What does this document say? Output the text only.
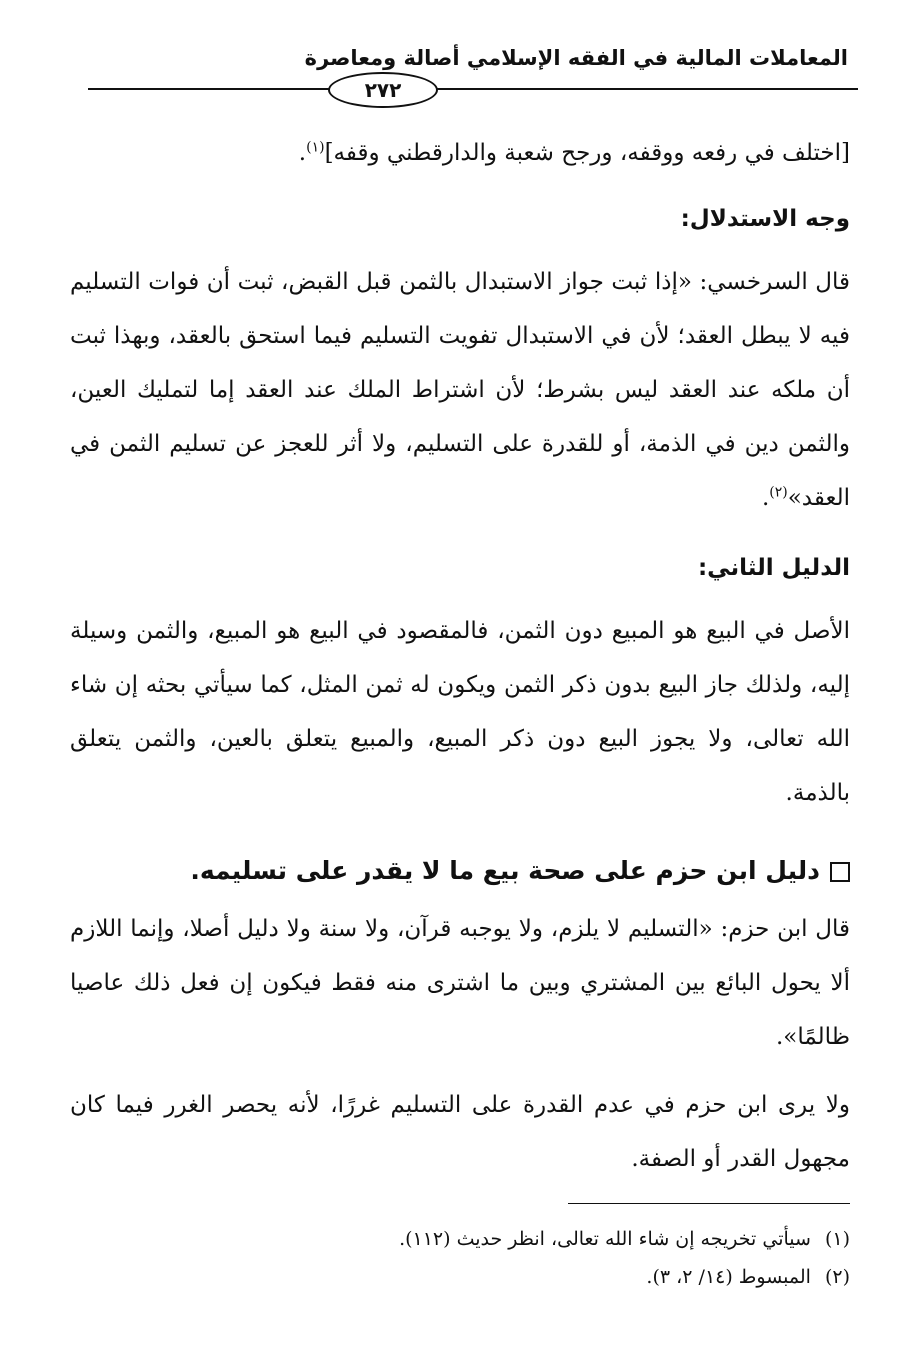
المعاملات المالية في الفقه الإسلامي أصالة ومعاصرة
٢٧٢

[اختلف في رفعه ووقفه، ورجح شعبة والدارقطني وقفه]$^{(١)}$.

وجه الاستدلال:

قال السرخسي: «إذا ثبت جواز الاستبدال بالثمن قبل القبض، ثبت أن فوات التسليم فيه لا يبطل العقد؛ لأن في الاستبدال تفويت التسليم فيما استحق بالعقد، وبهذا ثبت أن ملكه عند العقد ليس بشرط؛ لأن اشتراط الملك عند العقد إما لتمليك العين، والثمن دين في الذمة، أو للقدرة على التسليم، ولا أثر للعجز عن تسليم الثمن في العقد»$^{(٢)}$.

الدليل الثاني:

الأصل في البيع هو المبيع دون الثمن، فالمقصود في البيع هو المبيع، والثمن وسيلة إليه، ولذلك جاز البيع بدون ذكر الثمن ويكون له ثمن المثل، كما سيأتي بحثه إن شاء الله تعالى، ولا يجوز البيع دون ذكر المبيع، والمبيع يتعلق بالعين، والثمن يتعلق بالذمة.

دليل ابن حزم على صحة بيع ما لا يقدر على تسليمه.

قال ابن حزم: «التسليم لا يلزم، ولا يوجبه قرآن، ولا سنة ولا دليل أصلا، وإنما اللازم ألا يحول البائع بين المشتري وبين ما اشترى منه فقط فيكون إن فعل ذلك عاصيا ظالمًا».

ولا يرى ابن حزم في عدم القدرة على التسليم غررًا، لأنه يحصر الغرر فيما كان مجهول القدر أو الصفة.

(١)سيأتي تخريجه إن شاء الله تعالى، انظر حديث (١١٢).
(٢)المبسوط (١٤/ ٢، ٣).
